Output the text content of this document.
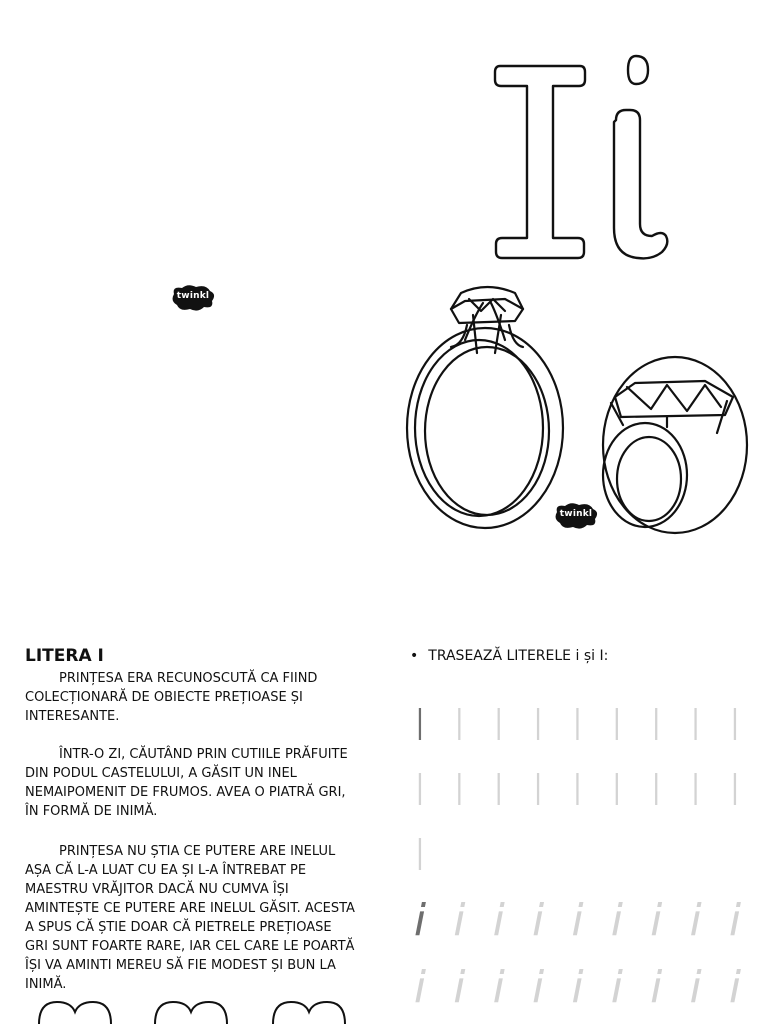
twinkl
twinkl
LITERA I

PRINȚESA ERA RECUNOSCUTĂ CA FIIND COLECȚIONARĂ DE OBIECTE PREȚIOASE ȘI INTERESANTE.

ÎNTR-O ZI, CĂUTÂND PRIN CUTIILE PRĂFUITE DIN PODUL CASTELULUI, A GĂSIT UN INEL NEMAIPOMENIT DE FRUMOS. AVEA O PIATRĂ GRI, ÎN FORMĂ DE INIMĂ.

PRINȚESA NU ȘTIA CE PUTERE ARE INELUL AȘA CĂ L-A LUAT CU EA ȘI L-A ÎNTREBAT PE MAESTRU VRĂJITOR DACĂ NU CUMVA ÎȘI AMINTEȘTE CE PUTERE ARE INELUL GĂSIT. ACESTA A SPUS CĂ ȘTIE DOAR CĂ PIETRELE PREȚIOASE GRI SUNT FOARTE RARE, IAR CEL CARE LE POARTĂ ÎȘI VA AMINTI MEREU SĂ FIE MODEST ȘI BUN LA INIMĂ.

• TRASEAZĂ LITERELE i și I:
I I I I I I I I I
I I I I I I I I I
I
i i i i i i i i i
i i i i i i i i i
